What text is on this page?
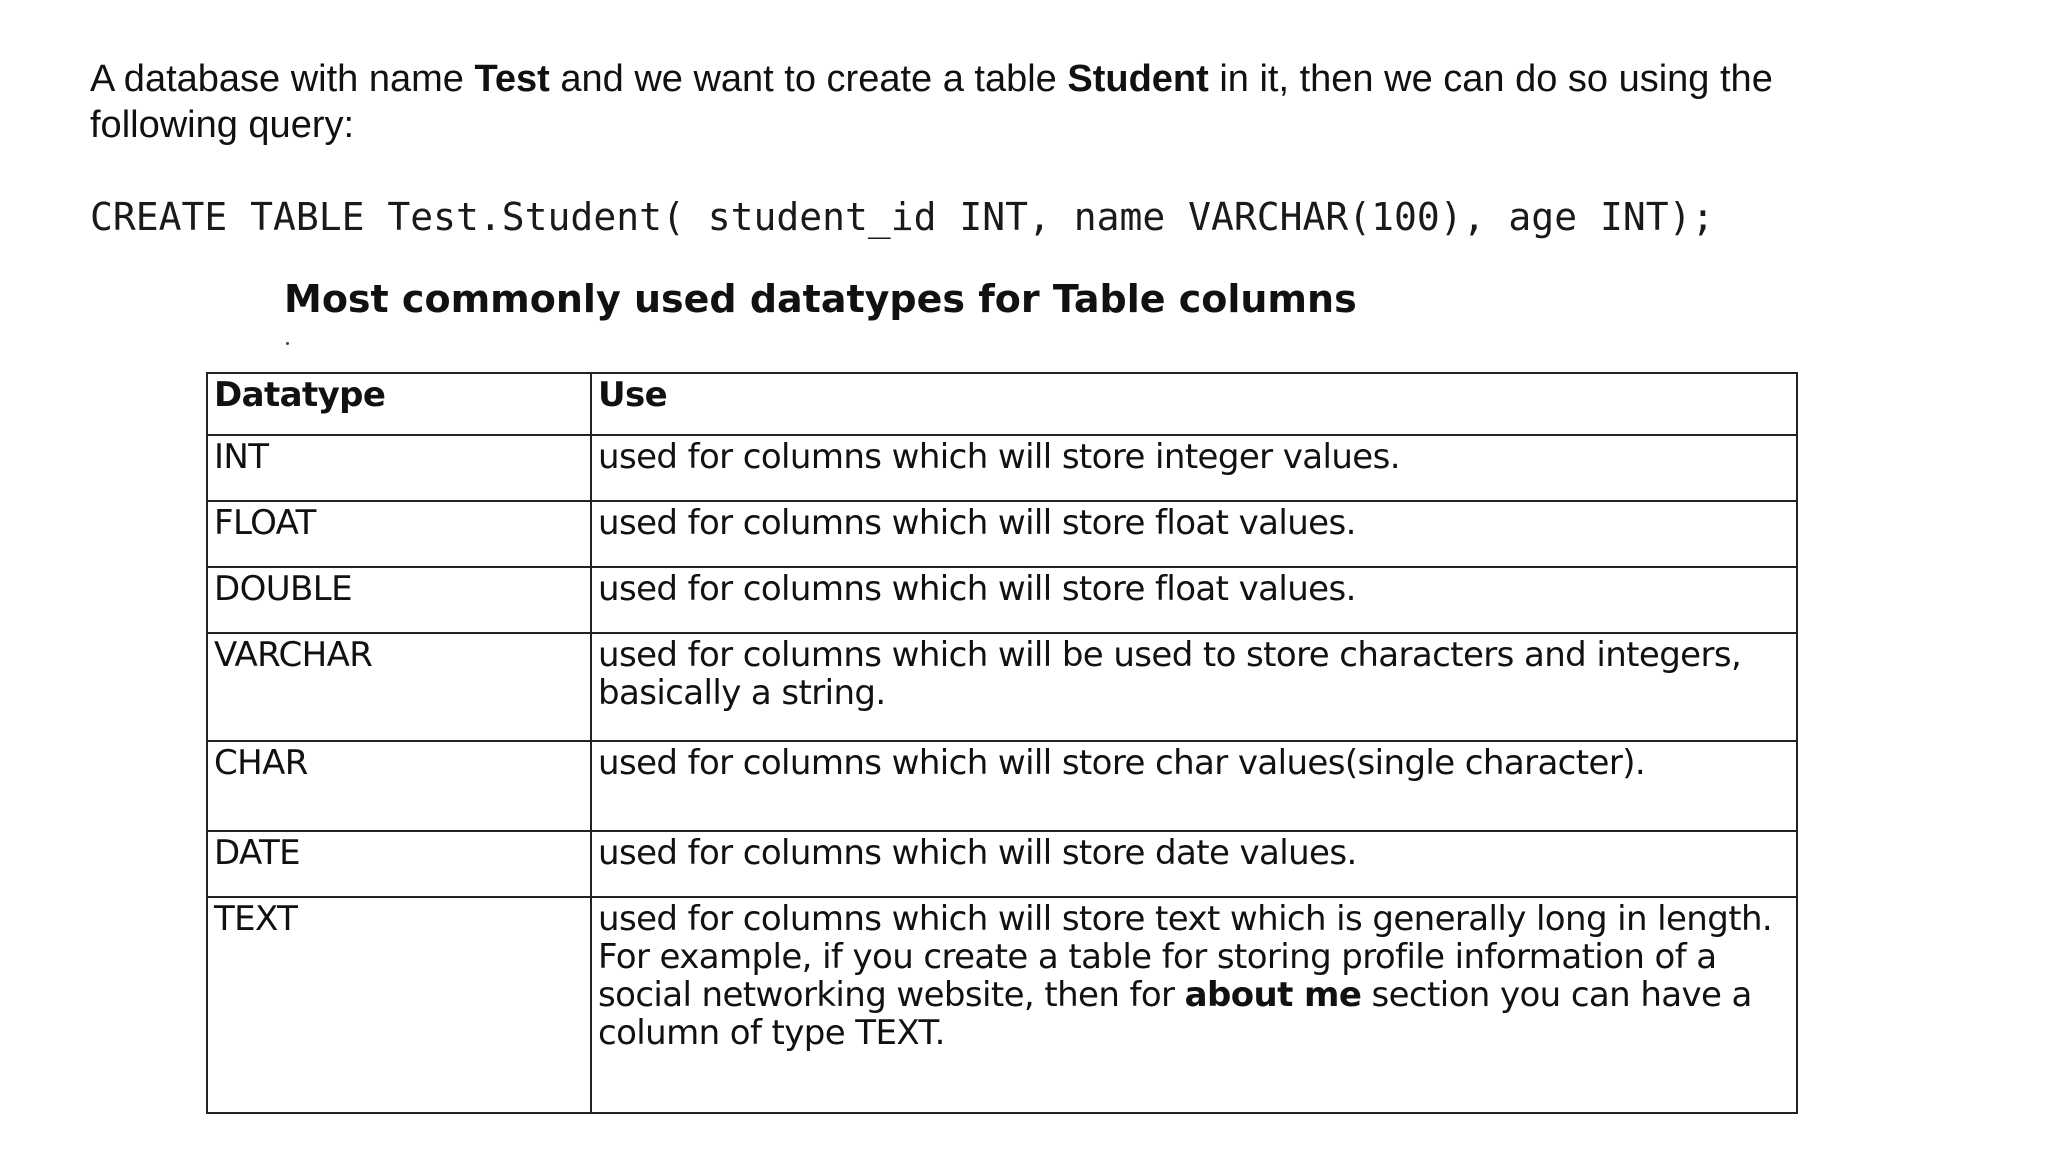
A database with name Test and we want to create a table Student in it, then we can do so using the following query:

CREATE TABLE Test.Student( student_id INT, name VARCHAR(100), age INT);

Most commonly used datatypes for Table columns

Datatype	Use
INT	used for columns which will store integer values.
FLOAT	used for columns which will store float values.
DOUBLE	used for columns which will store float values.
VARCHAR	used for columns which will be used to store characters and integers, basically a string.
CHAR	used for columns which will store char values(single character).
DATE	used for columns which will store date values.
TEXT	used for columns which will store text which is generally long in length. For example, if you create a table for storing profile information of a social networking website, then for about me section you can have a column of type TEXT.
